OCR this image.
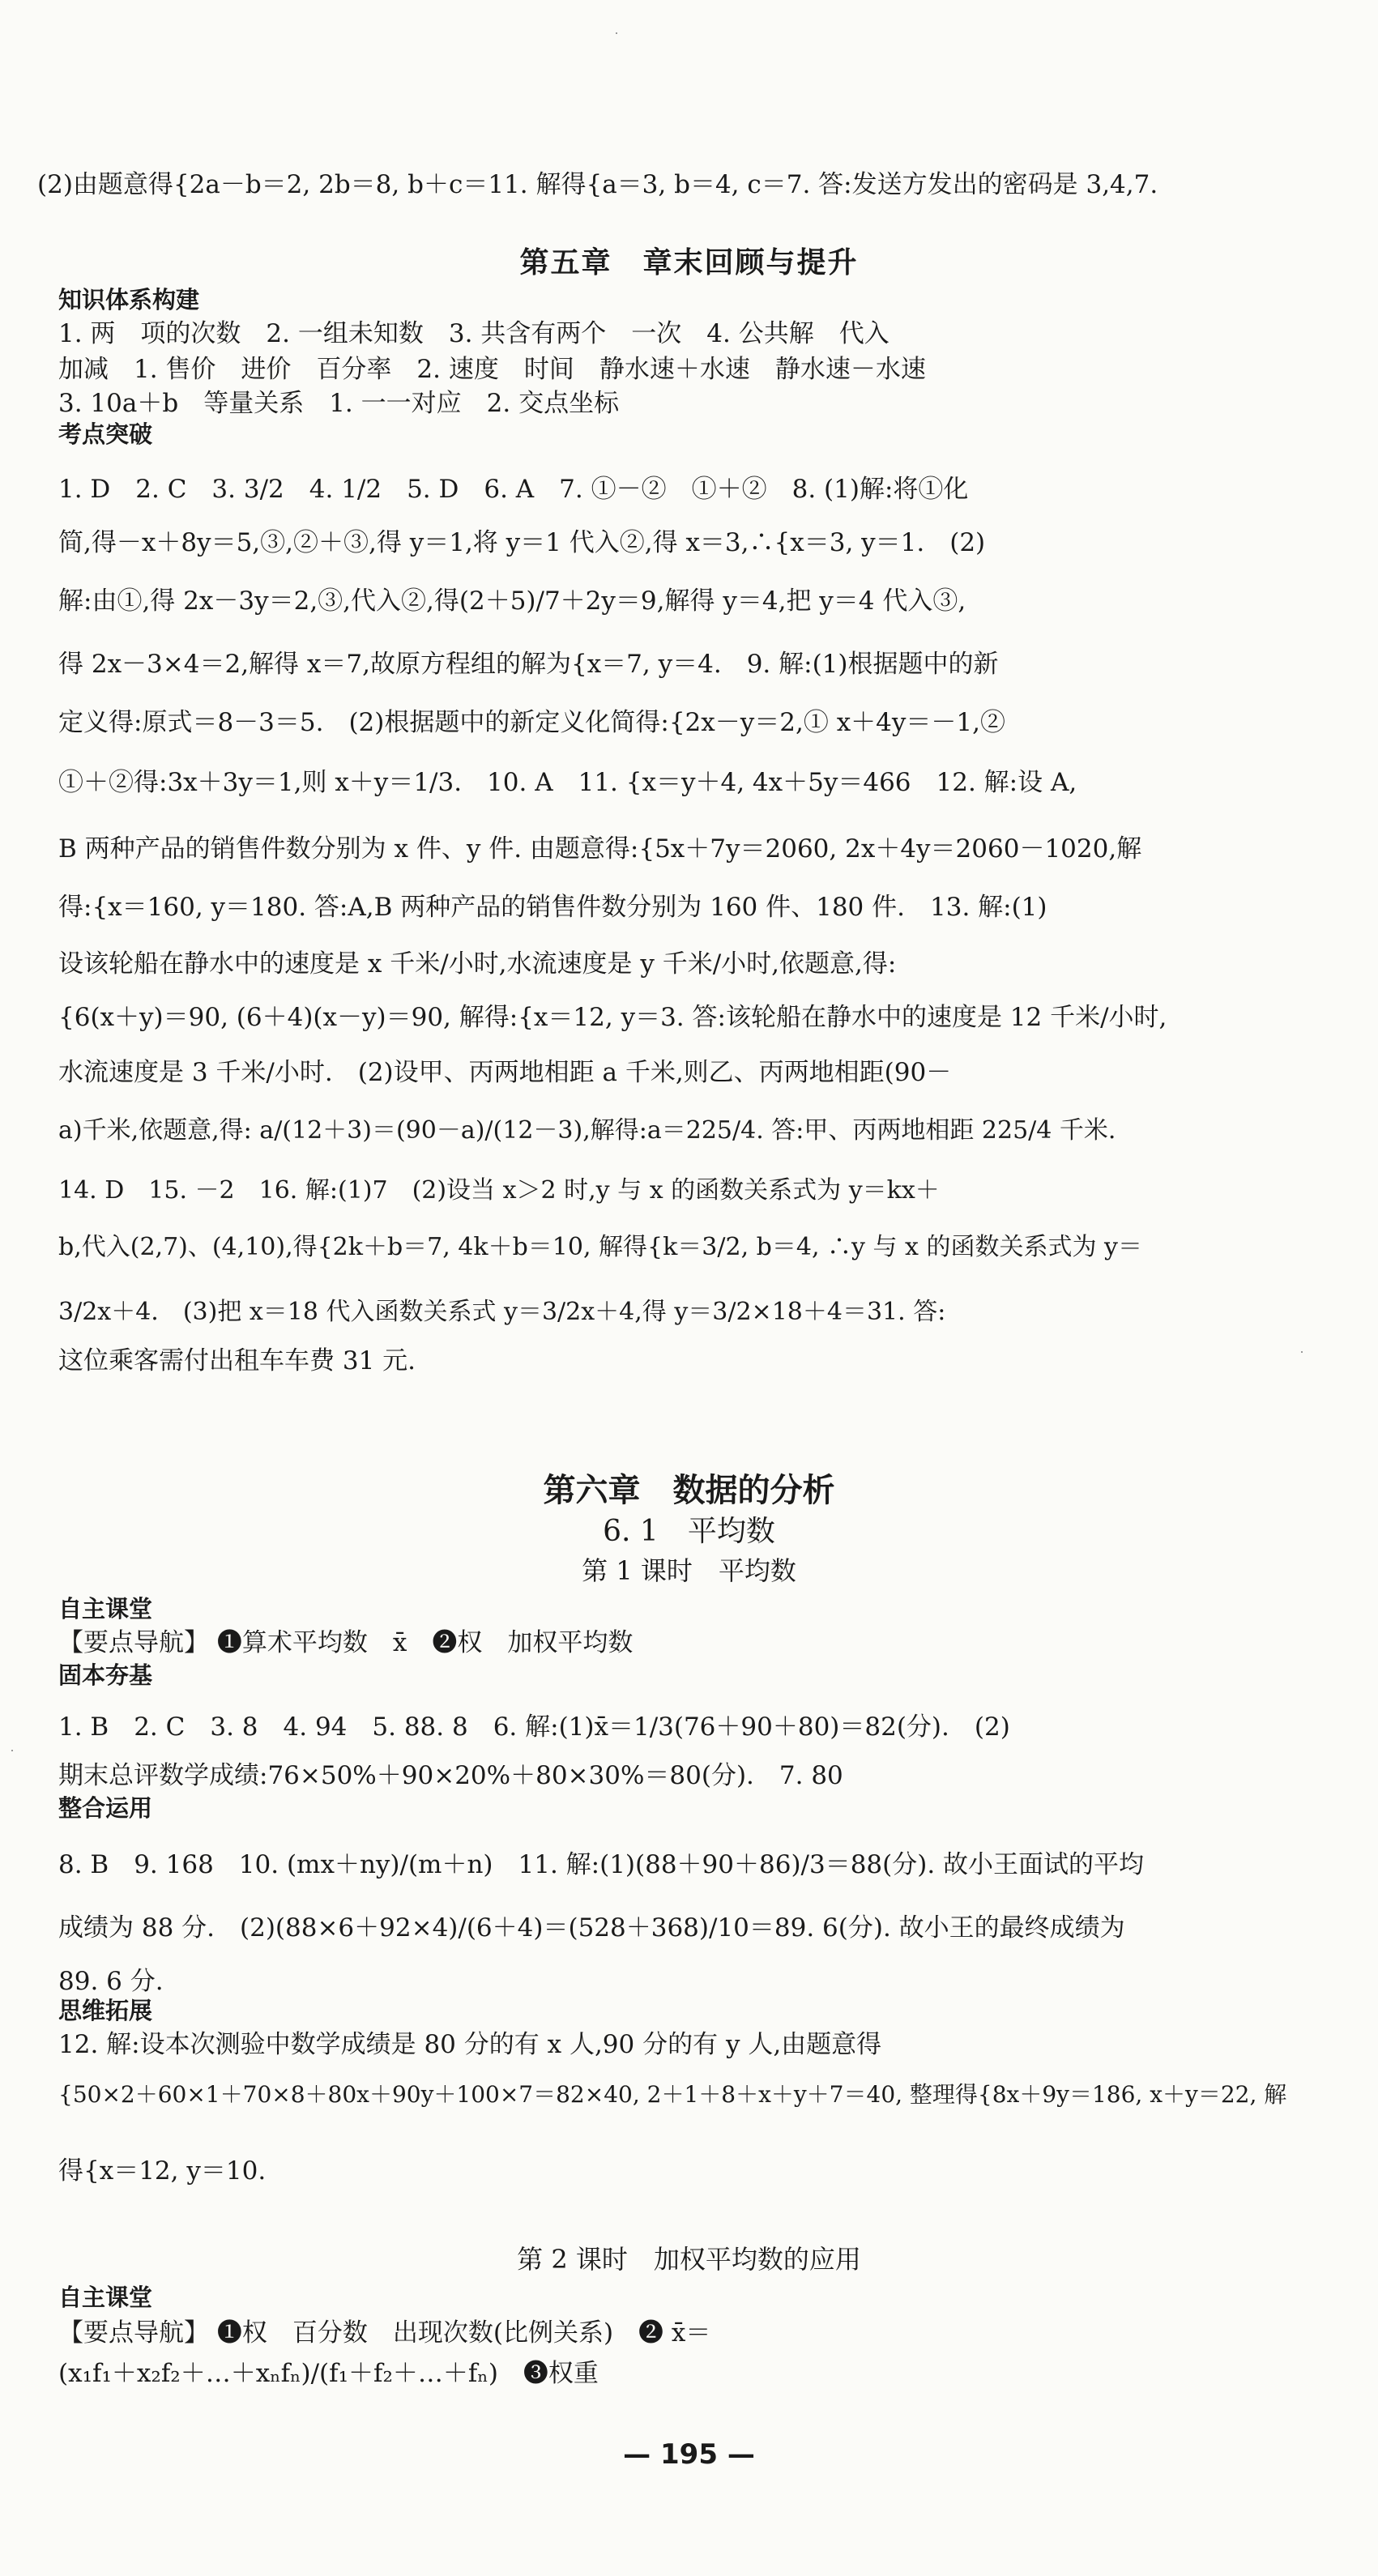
(2)由题意得{2a－b＝2, 2b＝8, b＋c＝11. 解得{a＝3, b＝4, c＝7. 答:发送方发出的密码是 3,4,7.
第五章　章末回顾与提升
知识体系构建
1. 两　项的次数　2. 一组未知数　3. 共含有两个　一次　4. 公共解　代入
加减　1. 售价　进价　百分率　2. 速度　时间　静水速＋水速　静水速－水速
3. 10a＋b　等量关系　1. 一一对应　2. 交点坐标
考点突破
1. D　2. C　3. 3/2　4. 1/2　5. D　6. A　7. ①－②　①＋②　8. (1)解:将①化
简,得－x＋8y＝5,③,②＋③,得 y＝1,将 y＝1 代入②,得 x＝3,∴{x＝3, y＝1.　(2)
解:由①,得 2x－3y＝2,③,代入②,得(2＋5)/7＋2y＝9,解得 y＝4,把 y＝4 代入③,
得 2x－3×4＝2,解得 x＝7,故原方程组的解为{x＝7, y＝4.　9. 解:(1)根据题中的新
定义得:原式＝8－3＝5.　(2)根据题中的新定义化简得:{2x－y＝2,① x＋4y＝－1,②
①＋②得:3x＋3y＝1,则 x＋y＝1/3.　10. A　11. {x＝y＋4, 4x＋5y＝466　12. 解:设 A,
B 两种产品的销售件数分别为 x 件、y 件. 由题意得:{5x＋7y＝2060, 2x＋4y＝2060－1020,解
得:{x＝160, y＝180. 答:A,B 两种产品的销售件数分别为 160 件、180 件.　13. 解:(1)
设该轮船在静水中的速度是 x 千米/小时,水流速度是 y 千米/小时,依题意,得:
{6(x＋y)＝90, (6＋4)(x－y)＝90, 解得:{x＝12, y＝3. 答:该轮船在静水中的速度是 12 千米/小时,
水流速度是 3 千米/小时.　(2)设甲、丙两地相距 a 千米,则乙、丙两地相距(90－
a)千米,依题意,得: a/(12＋3)＝(90－a)/(12－3),解得:a＝225/4. 答:甲、丙两地相距 225/4 千米.
14. D　15. －2　16. 解:(1)7　(2)设当 x＞2 时,y 与 x 的函数关系式为 y＝kx＋
b,代入(2,7)、(4,10),得{2k＋b＝7, 4k＋b＝10, 解得{k＝3/2, b＝4, ∴y 与 x 的函数关系式为 y＝
3/2x＋4.　(3)把 x＝18 代入函数关系式 y＝3/2x＋4,得 y＝3/2×18＋4＝31. 答:
这位乘客需付出租车车费 31 元.
第六章　数据的分析
6. 1　平均数
第 1 课时　平均数
自主课堂
【要点导航】 ❶算术平均数　x̄　❷权　加权平均数
固本夯基
1. B　2. C　3. 8　4. 94　5. 88. 8　6. 解:(1)x̄＝1/3(76＋90＋80)＝82(分).　(2)
期末总评数学成绩:76×50%＋90×20%＋80×30%＝80(分).　7. 80
整合运用
8. B　9. 168　10. (mx＋ny)/(m＋n)　11. 解:(1)(88＋90＋86)/3＝88(分). 故小王面试的平均
成绩为 88 分.　(2)(88×6＋92×4)/(6＋4)＝(528＋368)/10＝89. 6(分). 故小王的最终成绩为
89. 6 分.
思维拓展
12. 解:设本次测验中数学成绩是 80 分的有 x 人,90 分的有 y 人,由题意得
{50×2＋60×1＋70×8＋80x＋90y＋100×7＝82×40, 2＋1＋8＋x＋y＋7＝40, 整理得{8x＋9y＝186, x＋y＝22, 解
得{x＝12, y＝10.
第 2 课时　加权平均数的应用
自主课堂
【要点导航】 ❶权　百分数　出现次数(比例关系)　❷ x̄＝
(x₁f₁＋x₂f₂＋…＋xₙfₙ)/(f₁＋f₂＋…＋fₙ)　❸权重
— 195 —
